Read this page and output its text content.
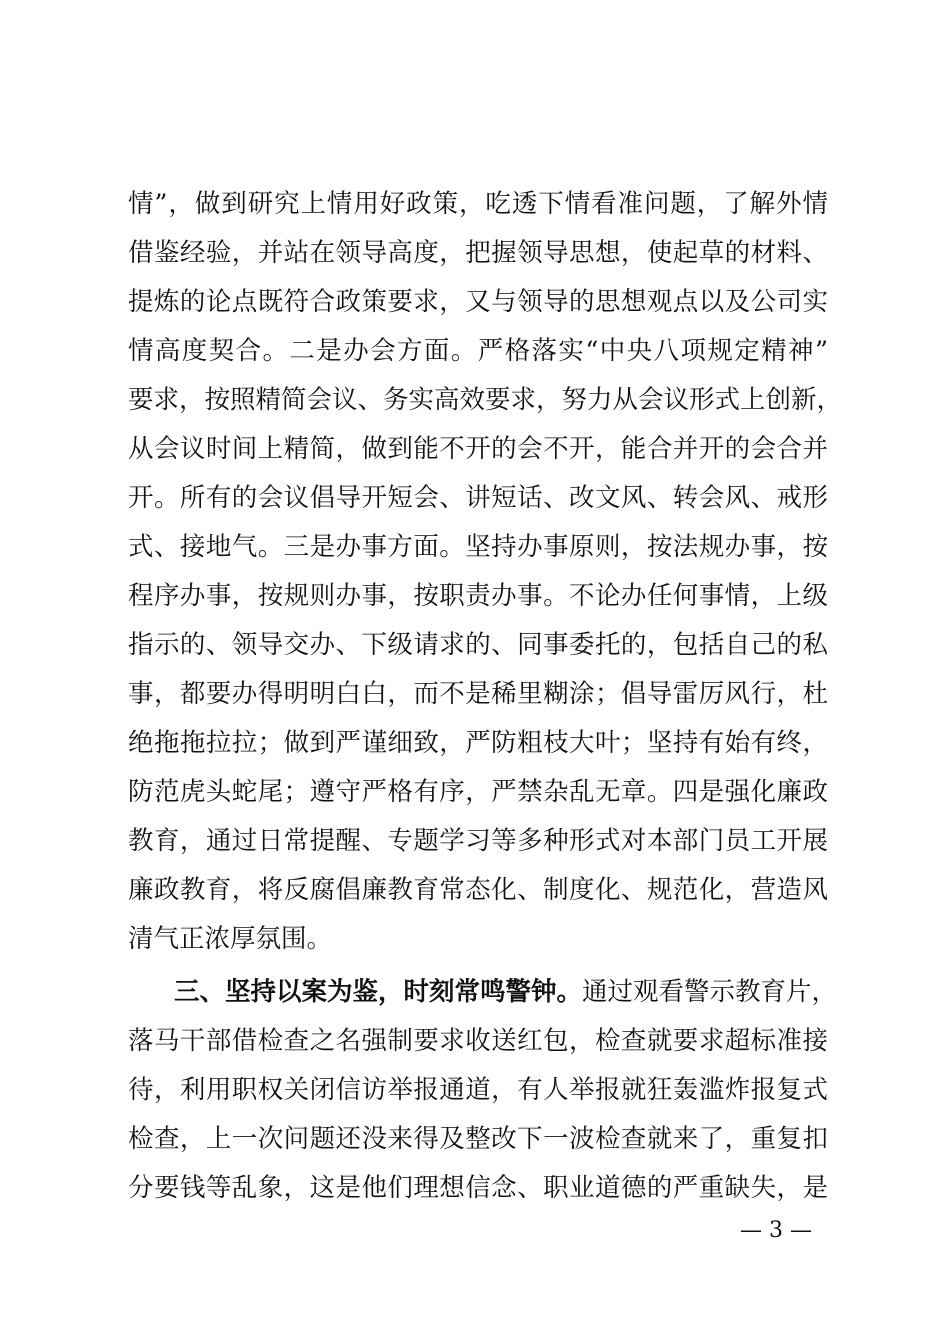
情”，做到研究上情用好政策，吃透下情看准问题，了解外情
借鉴经验，并站在领导高度，把握领导思想，使起草的材料、
提炼的论点既符合政策要求，又与领导的思想观点以及公司实
情高度契合。二是办会方面。严格落实“中央八项规定精神”
要求，按照精简会议、务实高效要求，努力从会议形式上创新，
从会议时间上精简，做到能不开的会不开，能合并开的会合并
开。所有的会议倡导开短会、讲短话、改文风、转会风、戒形
式、接地气。三是办事方面。坚持办事原则，按法规办事，按
程序办事，按规则办事，按职责办事。不论办任何事情，上级
指示的、领导交办、下级请求的、同事委托的，包括自己的私
事，都要办得明明白白，而不是稀里糊涂；倡导雷厉风行，杜
绝拖拖拉拉；做到严谨细致，严防粗枝大叶；坚持有始有终，
防范虎头蛇尾；遵守严格有序，严禁杂乱无章。四是强化廉政
教育，通过日常提醒、专题学习等多种形式对本部门员工开展
廉政教育，将反腐倡廉教育常态化、制度化、规范化，营造风
清气正浓厚氛围。
三、坚持以案为鉴，时刻常鸣警钟。通过观看警示教育片，
落马干部借检查之名强制要求收送红包，检查就要求超标准接
待，利用职权关闭信访举报通道，有人举报就狂轰滥炸报复式
检查，上一次问题还没来得及整改下一波检查就来了，重复扣
分要钱等乱象，这是他们理想信念、职业道德的严重缺失，是
— 3 —
